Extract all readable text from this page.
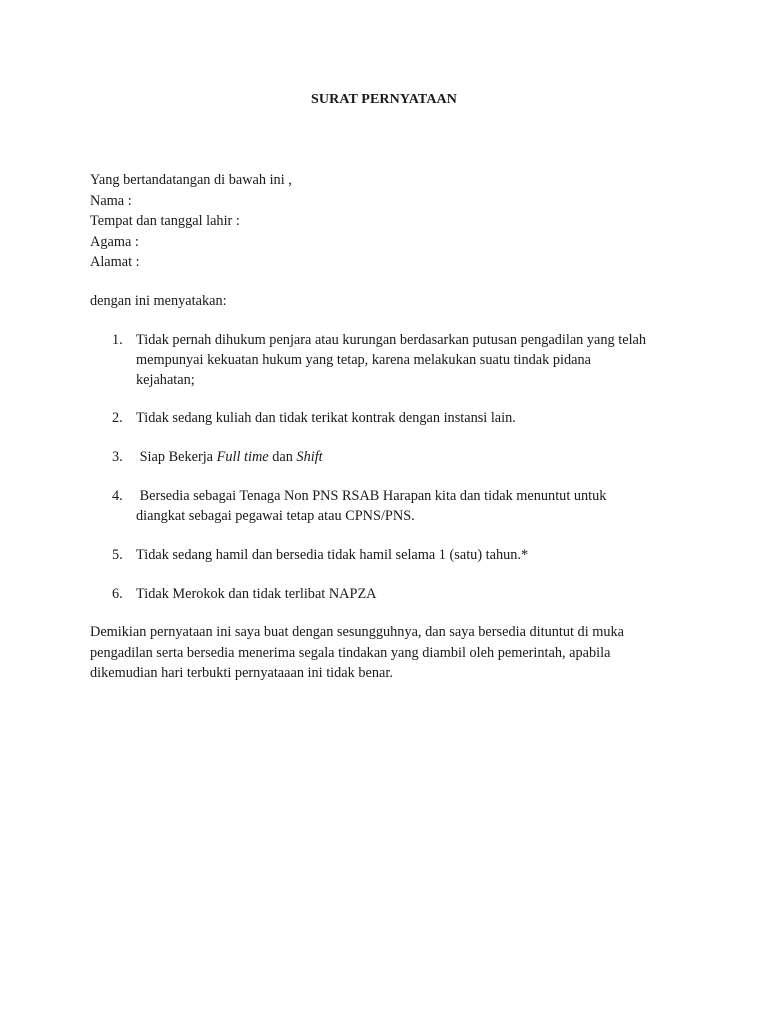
SURAT PERNYATAAN
Yang bertandatangan di bawah ini ,
Nama :
Tempat dan tanggal lahir :
Agama :
Alamat :
dengan ini menyatakan:
1. Tidak pernah dihukum penjara atau kurungan berdasarkan putusan pengadilan yang telah
mempunyai kekuatan hukum yang tetap, karena melakukan suatu tindak pidana
kejahatan;
2. Tidak sedang kuliah dan tidak terikat kontrak dengan instansi lain.
3. Siap Bekerja Full time dan Shift
4. Bersedia sebagai Tenaga Non PNS RSAB Harapan kita dan tidak menuntut untuk
diangkat sebagai pegawai tetap atau CPNS/PNS.
5. Tidak sedang hamil dan bersedia tidak hamil selama 1 (satu) tahun.*
6. Tidak Merokok dan tidak terlibat NAPZA
Demikian pernyataan ini saya buat dengan sesungguhnya, dan saya bersedia dituntut di muka
pengadilan serta bersedia menerima segala tindakan yang diambil oleh pemerintah, apabila
dikemudian hari terbukti pernyataaan ini tidak benar.
